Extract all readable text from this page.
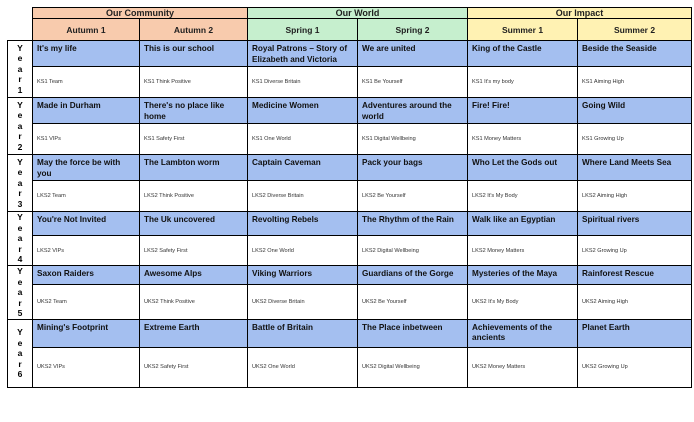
	Our Community		Our World		Our Impact	
	Autumn 1	Autumn 2	Spring 1	Spring 2	Summer 1	Summer 2

Y
e
a
r
1	It's my life	This is our school	Royal Patrons – Story of Elizabeth and Victoria	We are united	King of the Castle	Beside the Seaside
	KS1 Team	KS1 Think Positive	KS1 Diverse Britain	KS1 Be Yourself	KS1 It's my body	KS1 Aiming High

Y
e
a
r
2	Made in Durham	There's no place like home	Medicine Women	Adventures around the world	Fire! Fire!	Going Wild
	KS1 VIPs	KS1 Safety First	KS1 One World	KS1 Digital Wellbeing	KS1 Money Matters	KS1 Growing Up

Y
e
a
r
3	May the force be with you	The Lambton worm	Captain Caveman	Pack your bags	Who Let the Gods out	Where Land Meets Sea
	LKS2 Team	LKS2 Think Positive	LKS2 Diverse Britain	LKS2 Be Yourself	LKS2 It's My Body	LKS2 Aiming High

Y
e
a
r
4	You're Not Invited	The Uk uncovered	Revolting Rebels	The Rhythm of the Rain	Walk like an Egyptian	Spiritual rivers
	LKS2 VIPs	LKS2 Safety First	LKS2 One World	LKS2 Digital Wellbeing	LKS2 Money Matters	LKS2 Growing Up

Y
e
a
r
5	Saxon Raiders	Awesome Alps	Viking Warriors	Guardians of the Gorge	Mysteries of the Maya	Rainforest Rescue
	UKS2 Team	UKS2 Think Positive	UKS2 Diverse Britain	UKS2 Be Yourself	UKS2 It's My Body	UKS2 Aiming High

Y
e
a
r
6	Mining's Footprint	Extreme Earth	Battle of Britain	The Place inbetween	Achievements of the ancients	Planet Earth
	UKS2 VIPs	UKS2 Safety First	UKS2 One World	UKS2 Digital Wellbeing	UKS2 Money Matters	UKS2 Growing Up
